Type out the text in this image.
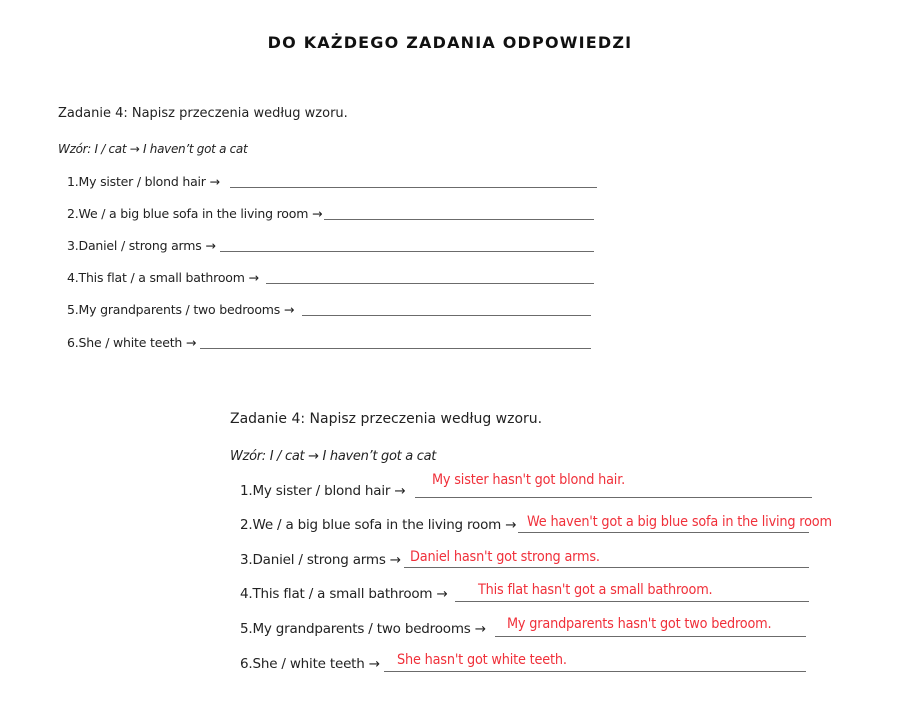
DO KAŻDEGO ZADANIA ODPOWIEDZI
Zadanie 4: Napisz przeczenia według wzoru.
Wzór: I / cat → I haven’t got a cat
1.My sister / blond hair →
2.We / a big blue sofa in the living room →
3.Daniel / strong arms →
4.This flat / a small bathroom →
5.My grandparents / two bedrooms →
6.She / white teeth →
Zadanie 4: Napisz przeczenia według wzoru.
Wzór: I / cat → I haven’t got a cat
1.My sister / blond hair →
My sister hasn't got blond hair.
2.We / a big blue sofa in the living room → We haven't got a big blue sofa in the living room
3.Daniel / strong arms → Daniel hasn't got strong arms.
4.This flat / a small bathroom → This flat hasn't got a small bathroom.
5.My grandparents / two bedrooms → My grandparents hasn't got two bedroom.
6.She / white teeth → She hasn't got white teeth.
